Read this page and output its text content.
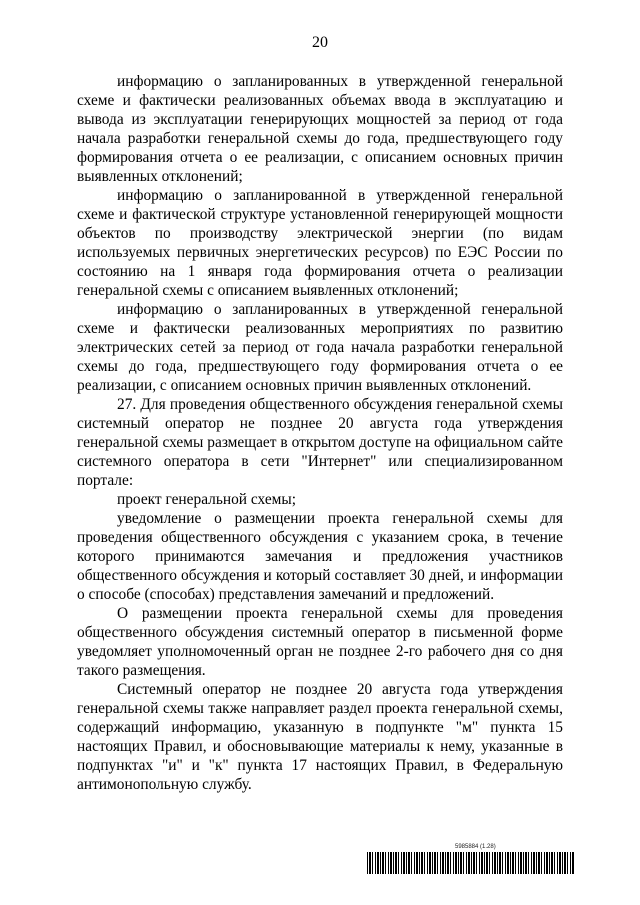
20

информацию о запланированных в утвержденной генеральной схеме и фактически реализованных объемах ввода в эксплуатацию и вывода из эксплуатации генерирующих мощностей за период от года начала разработки генеральной схемы до года, предшествующего году формирования отчета о ее реализации, с описанием основных причин выявленных отклонений;

информацию о запланированной в утвержденной генеральной схеме и фактической структуре установленной генерирующей мощности объектов по производству электрической энергии (по видам используемых первичных энергетических ресурсов) по ЕЭС России по состоянию на 1 января года формирования отчета о реализации генеральной схемы с описанием выявленных отклонений;

информацию о запланированных в утвержденной генеральной схеме и фактически реализованных мероприятиях по развитию электрических сетей за период от года начала разработки генеральной схемы до года, предшествующего году формирования отчета о ее реализации, с описанием основных причин выявленных отклонений.

27. Для проведения общественного обсуждения генеральной схемы системный оператор не позднее 20 августа года утверждения генеральной схемы размещает в открытом доступе на официальном сайте системного оператора в сети "Интернет" или специализированном портале:

проект генеральной схемы;

уведомление о размещении проекта генеральной схемы для проведения общественного обсуждения с указанием срока, в течение которого принимаются замечания и предложения участников общественного обсуждения и который составляет 30 дней, и информации о способе (способах) представления замечаний и предложений.

О размещении проекта генеральной схемы для проведения общественного обсуждения системный оператор в письменной форме уведомляет уполномоченный орган не позднее 2-го рабочего дня со дня такого размещения.

Системный оператор не позднее 20 августа года утверждения генеральной схемы также направляет раздел проекта генеральной схемы, содержащий информацию, указанную в подпункте "м" пункта 15 настоящих Правил, и обосновывающие материалы к нему, указанные в подпунктах "и" и "к" пункта 17 настоящих Правил, в Федеральную антимонопольную службу.

5985884 (1.28)
